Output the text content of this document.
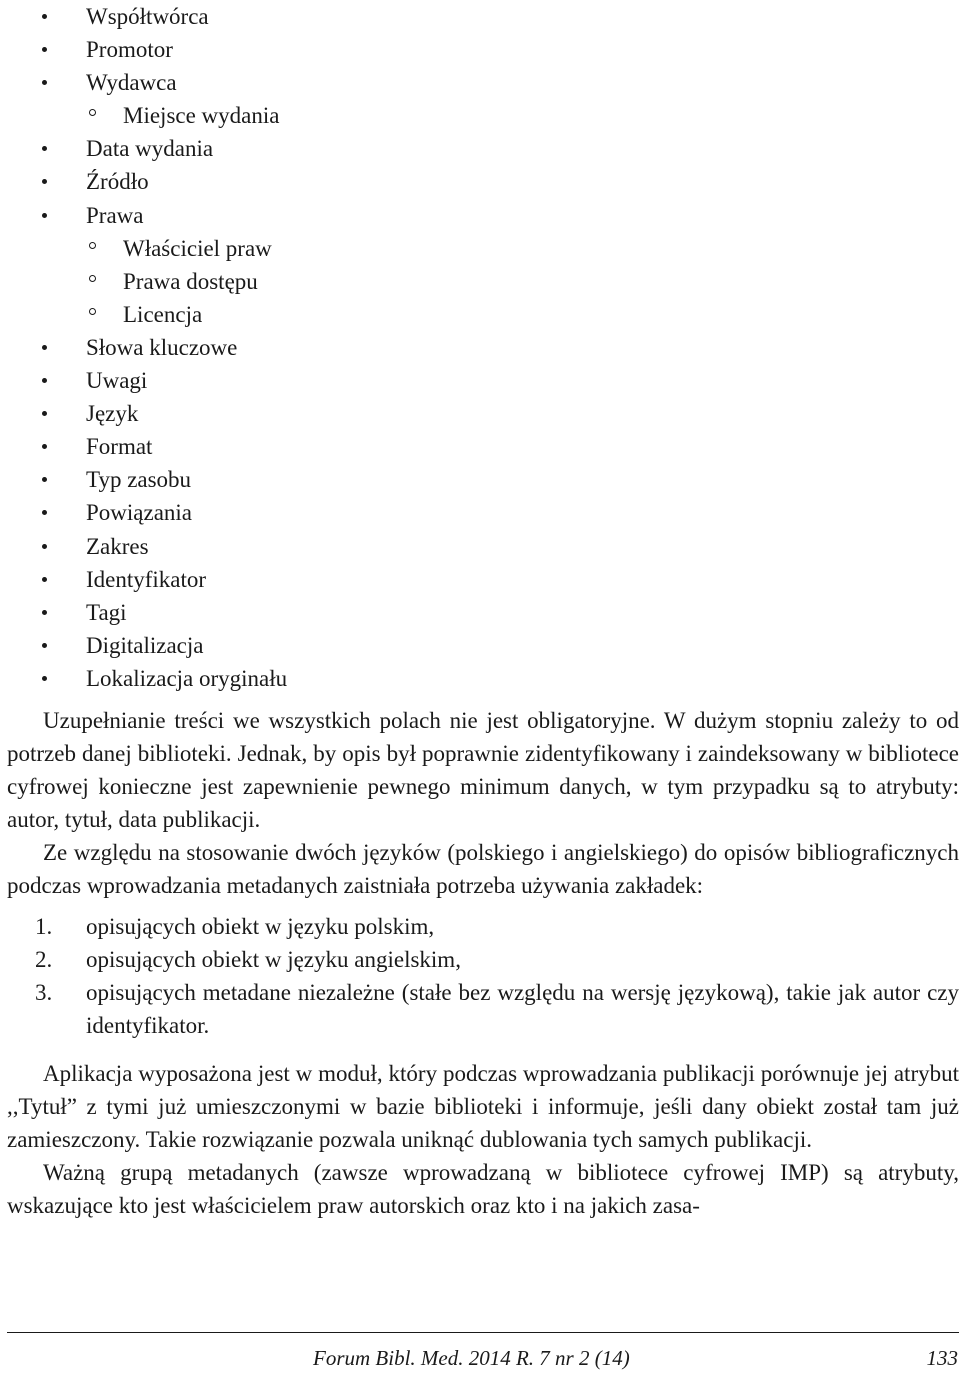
Współtwórca
Promotor
Wydawca
Miejsce wydania
Data wydania
Źródło
Prawa
Właściciel praw
Prawa dostępu
Licencja
Słowa kluczowe
Uwagi
Język
Format
Typ zasobu
Powiązania
Zakres
Identyfikator
Tagi
Digitalizacja
Lokalizacja oryginału

Uzupełnianie treści we wszystkich polach nie jest obligatoryjne. W dużym stopniu zależy to od potrzeb danej biblioteki. Jednak, by opis był poprawnie zidentyfikowany i zaindeksowany w bibliotece cyfrowej konieczne jest zapewnienie pewnego minimum danych, w tym przypadku są to atrybuty: autor, tytuł, data publikacji.

Ze względu na stosowanie dwóch języków (polskiego i angielskiego) do opisów bibliograficznych podczas wprowadzania metadanych zaistniała potrzeba używania zakładek:

1. opisujących obiekt w języku polskim,
2. opisujących obiekt w języku angielskim,
3. opisujących metadane niezależne (stałe bez względu na wersję językową), takie jak autor czy identyfikator.

Aplikacja wyposażona jest w moduł, który podczas wprowadzania publikacji porównuje jej atrybut ,,Tytuł” z tymi już umieszczonymi w bazie biblioteki i informuje, jeśli dany obiekt został tam już zamieszczony. Takie rozwiązanie pozwala uniknąć dublowania tych samych publikacji.

Ważną grupą metadanych (zawsze wprowadzaną w bibliotece cyfrowej IMP) są atrybuty, wskazujące kto jest właścicielem praw autorskich oraz kto i na jakich zasa-

Forum Bibl. Med. 2014 R. 7 nr 2 (14)	133
